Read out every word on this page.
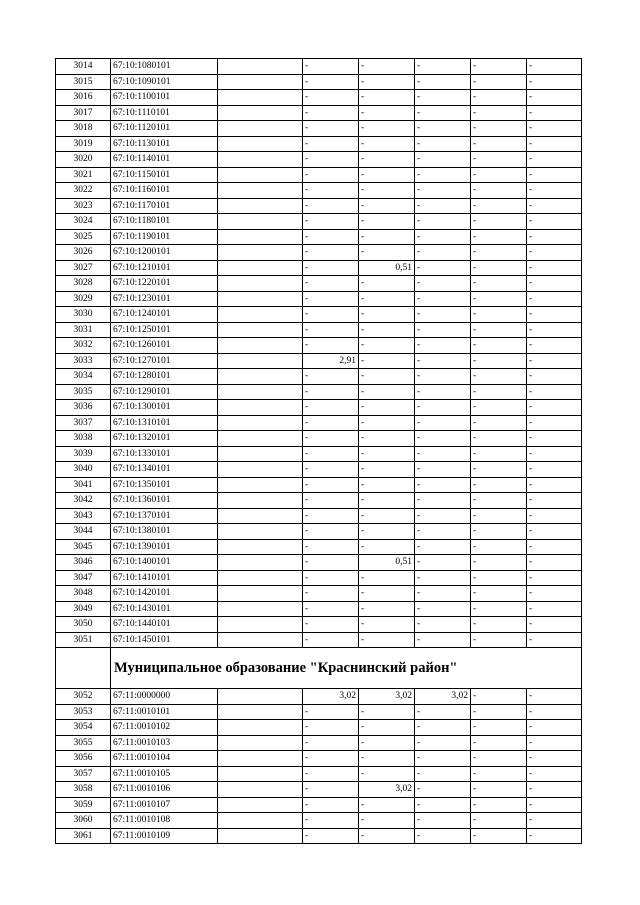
3014	67:10:1080101		-	-	-	-	-
3015	67:10:1090101		-	-	-	-	-
3016	67:10:1100101		-	-	-	-	-
3017	67:10:1110101		-	-	-	-	-
3018	67:10:1120101		-	-	-	-	-
3019	67:10:1130101		-	-	-	-	-
3020	67:10:1140101		-	-	-	-	-
3021	67:10:1150101		-	-	-	-	-
3022	67:10:1160101		-	-	-	-	-
3023	67:10:1170101		-	-	-	-	-
3024	67:10:1180101		-	-	-	-	-
3025	67:10:1190101		-	-	-	-	-
3026	67:10:1200101		-	-	-	-	-
3027	67:10:1210101		-	0,51	-	-	-
3028	67:10:1220101		-	-	-	-	-
3029	67:10:1230101		-	-	-	-	-
3030	67:10:1240101		-	-	-	-	-
3031	67:10:1250101		-	-	-	-	-
3032	67:10:1260101		-	-	-	-	-
3033	67:10:1270101		2,91	-	-	-	-
3034	67:10:1280101		-	-	-	-	-
3035	67:10:1290101		-	-	-	-	-
3036	67:10:1300101		-	-	-	-	-
3037	67:10:1310101		-	-	-	-	-
3038	67:10:1320101		-	-	-	-	-
3039	67:10:1330101		-	-	-	-	-
3040	67:10:1340101		-	-	-	-	-
3041	67:10:1350101		-	-	-	-	-
3042	67:10:1360101		-	-	-	-	-
3043	67:10:1370101		-	-	-	-	-
3044	67:10:1380101		-	-	-	-	-
3045	67:10:1390101		-	-	-	-	-
3046	67:10:1400101		-	0,51	-	-	-
3047	67:10:1410101		-	-	-	-	-
3048	67:10:1420101		-	-	-	-	-
3049	67:10:1430101		-	-	-	-	-
3050	67:10:1440101		-	-	-	-	-
3051	67:10:1450101		-	-	-	-	-
	Муниципальное образование "Краснинский район"						
3052	67:11:0000000		3,02	3,02	3,02	-	-
3053	67:11:0010101		-	-	-	-	-
3054	67:11:0010102		-	-	-	-	-
3055	67:11:0010103		-	-	-	-	-
3056	67:11:0010104		-	-	-	-	-
3057	67:11:0010105		-	-	-	-	-
3058	67:11:0010106		-	3,02	-	-	-
3059	67:11:0010107		-	-	-	-	-
3060	67:11:0010108		-	-	-	-	-
3061	67:11:0010109		-	-	-	-	-
